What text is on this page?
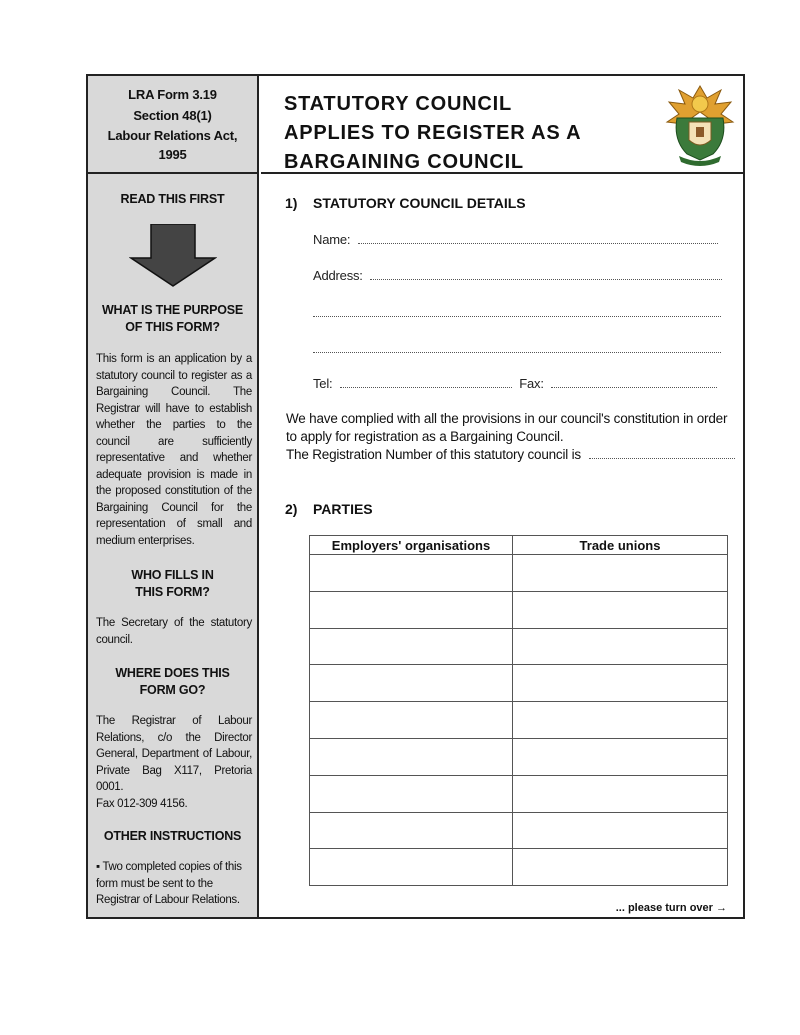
LRA Form 3.19
Section 48(1)
Labour Relations Act,
1995
READ THIS FIRST
WHAT IS THE PURPOSE
OF THIS FORM?
This form is an application by a statutory council to register as a Bargaining Council. The Registrar will have to establish whether the parties to the council are sufficiently representative and whether adequate provision is made in the proposed constitution of the Bargaining Council for the representation of small and medium enterprises.
WHO FILLS IN
THIS FORM?
The Secretary of the statutory council.
WHERE DOES THIS
FORM GO?
The Registrar of Labour Relations, c/o the Director General, Department of Labour, Private Bag X117, Pretoria 0001.
Fax 012-309 4156.
OTHER INSTRUCTIONS
▪ Two completed copies of this form must be sent to the Registrar of Labour Relations.
STATUTORY COUNCIL
APPLIES TO REGISTER AS A
BARGAINING COUNCIL
1) STATUTORY COUNCIL DETAILS
Name:
Address:
Tel:	Fax:
We have complied with all the provisions in our council's constitution in order to apply for registration as a Bargaining Council.
The Registration Number of this statutory council is
2) PARTIES
Employers' organisations	Trade unions

... please turn over →
